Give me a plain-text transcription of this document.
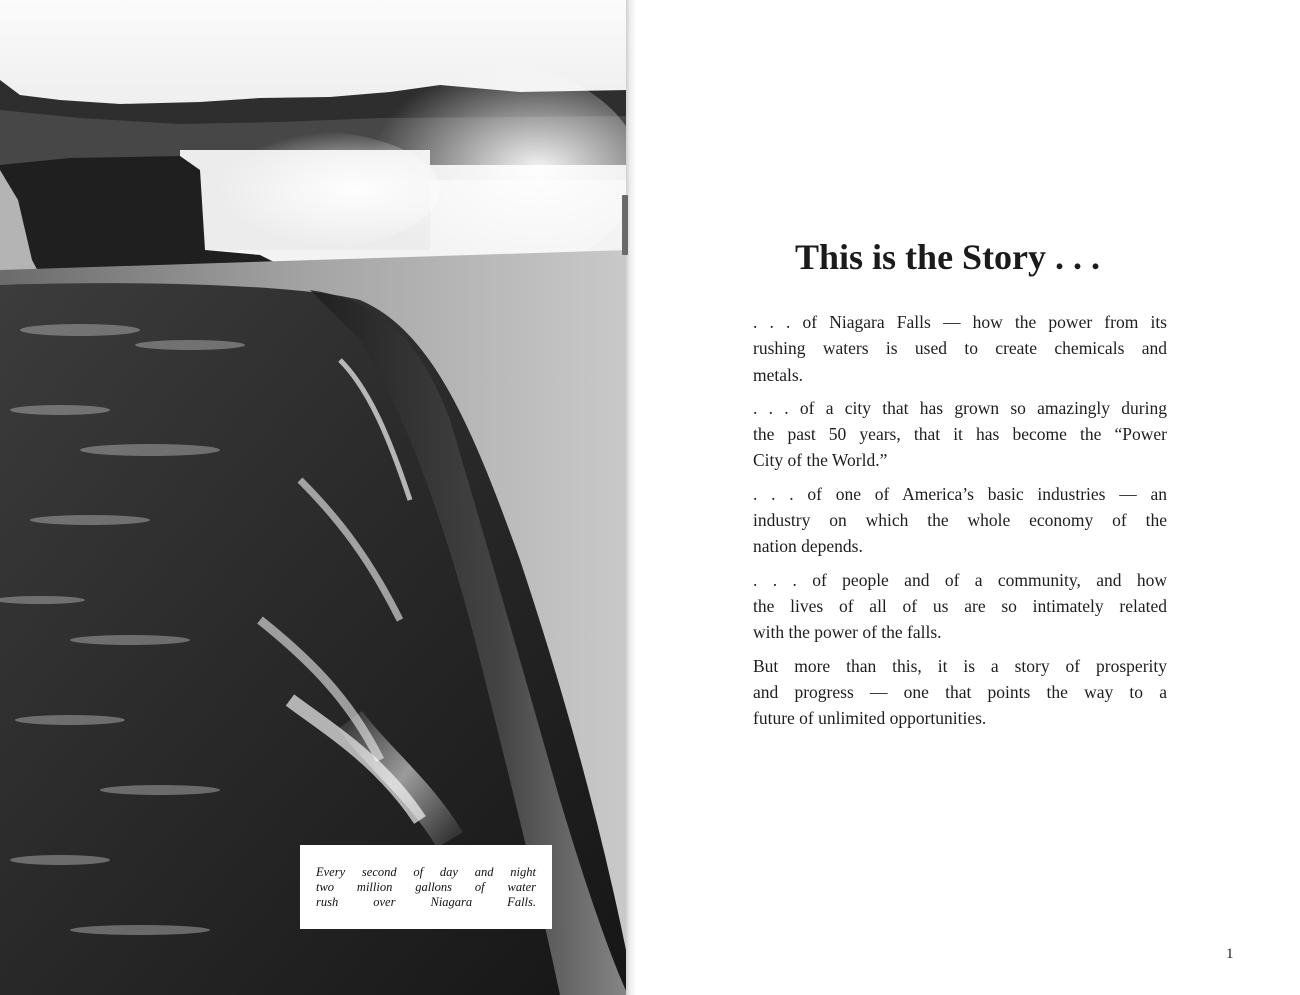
Every second of day and night
two million gallons of water
rush over Niagara Falls.
This is the Story . . .
. . . of Niagara Falls — how the power from its
rushing waters is used to create chemicals and
metals.
. . . of a city that has grown so amazingly during
the past 50 years, that it has become the “Power
City of the World.”
. . . of one of America’s basic industries — an
industry on which the whole economy of the
nation depends.
. . . of people and of a community, and how
the lives of all of us are so intimately related
with the power of the falls.
But more than this, it is a story of prosperity
and progress — one that points the way to a
future of unlimited opportunities.
1
